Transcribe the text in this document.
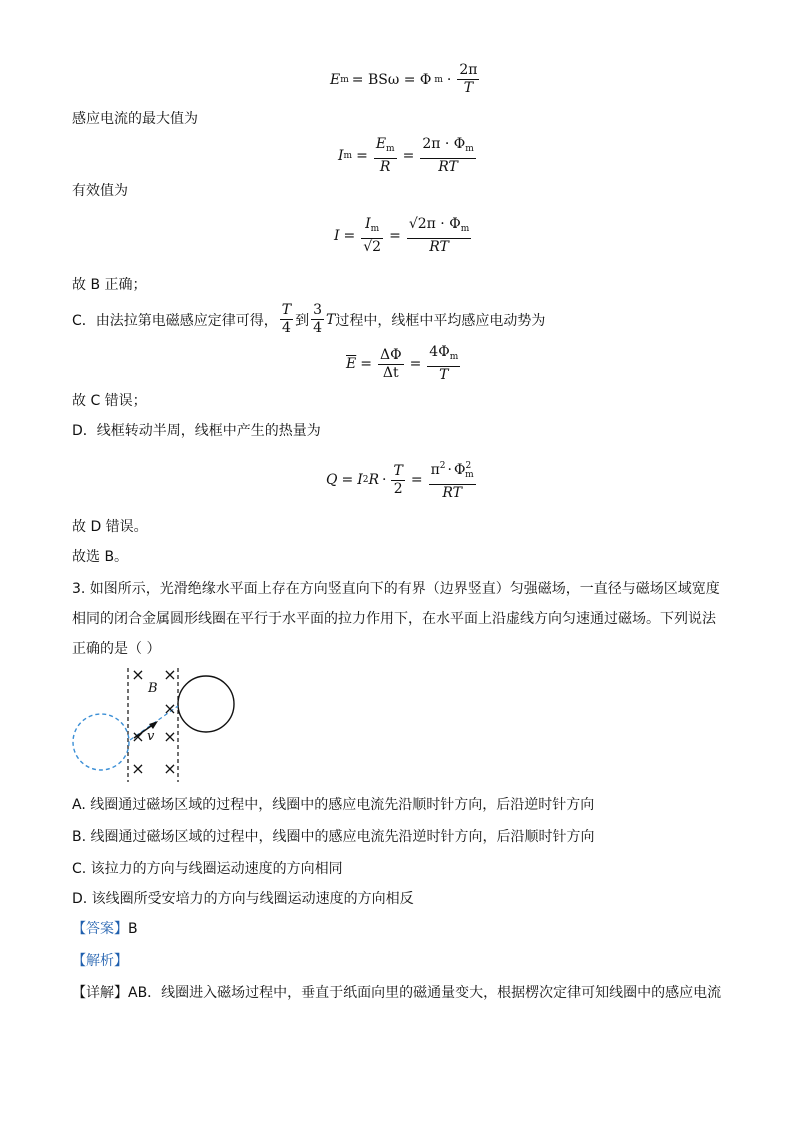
E m = BSω = Φ $m \cdot \frac{2\pi}{T}$
感应电流的最大值为
I $m = \frac{E_m}{R} = \frac{2\pi \cdot \Phi_m}{RT}$
有效值为
$I = \frac{I_m}{√2} = \frac{√2\pi \cdot \Phi_m}{RT}$
故 B 正确；
C．由法拉第电磁感应定律可得， $\frac{T}{4}$ 到 $\frac{3}{4}$ T 过程中，线框中平均感应电动势为
$\overline{E} = \frac{\Delta\Phi}{\Delta t} = \frac{4\Phi_m}{T}$
故 C 错误；
D．线框转动半周，线框中产生的热量为
Q = I 2 $R \cdot \frac{T}{2} = \frac{\pi^2 \cdot \Phi^2_m}{RT}$
故 D 错误。
故选 B。
3. 如图所示，光滑绝缘水平面上存在方向竖直向下的有界（边界竖直）匀强磁场，一直径与磁场区域宽度
相同的闭合金属圆形线圈在平行于水平面的拉力作用下，在水平面上沿虚线方向匀速通过磁场。下列说法
正确的是（ ）
B
v
× ×
×
× ×
× ×
A. 线圈通过磁场区域的过程中，线圈中的感应电流先沿顺时针方向，后沿逆时针方向
B. 线圈通过磁场区域的过程中，线圈中的感应电流先沿逆时针方向，后沿顺时针方向
C. 该拉力的方向与线圈运动速度的方向相同
D. 该线圈所受安培力的方向与线圈运动速度的方向相反
【答案】B
【解析】
【详解】AB．线圈进入磁场过程中，垂直于纸面向里的磁通量变大，根据楞次定律可知线圈中的感应电流
